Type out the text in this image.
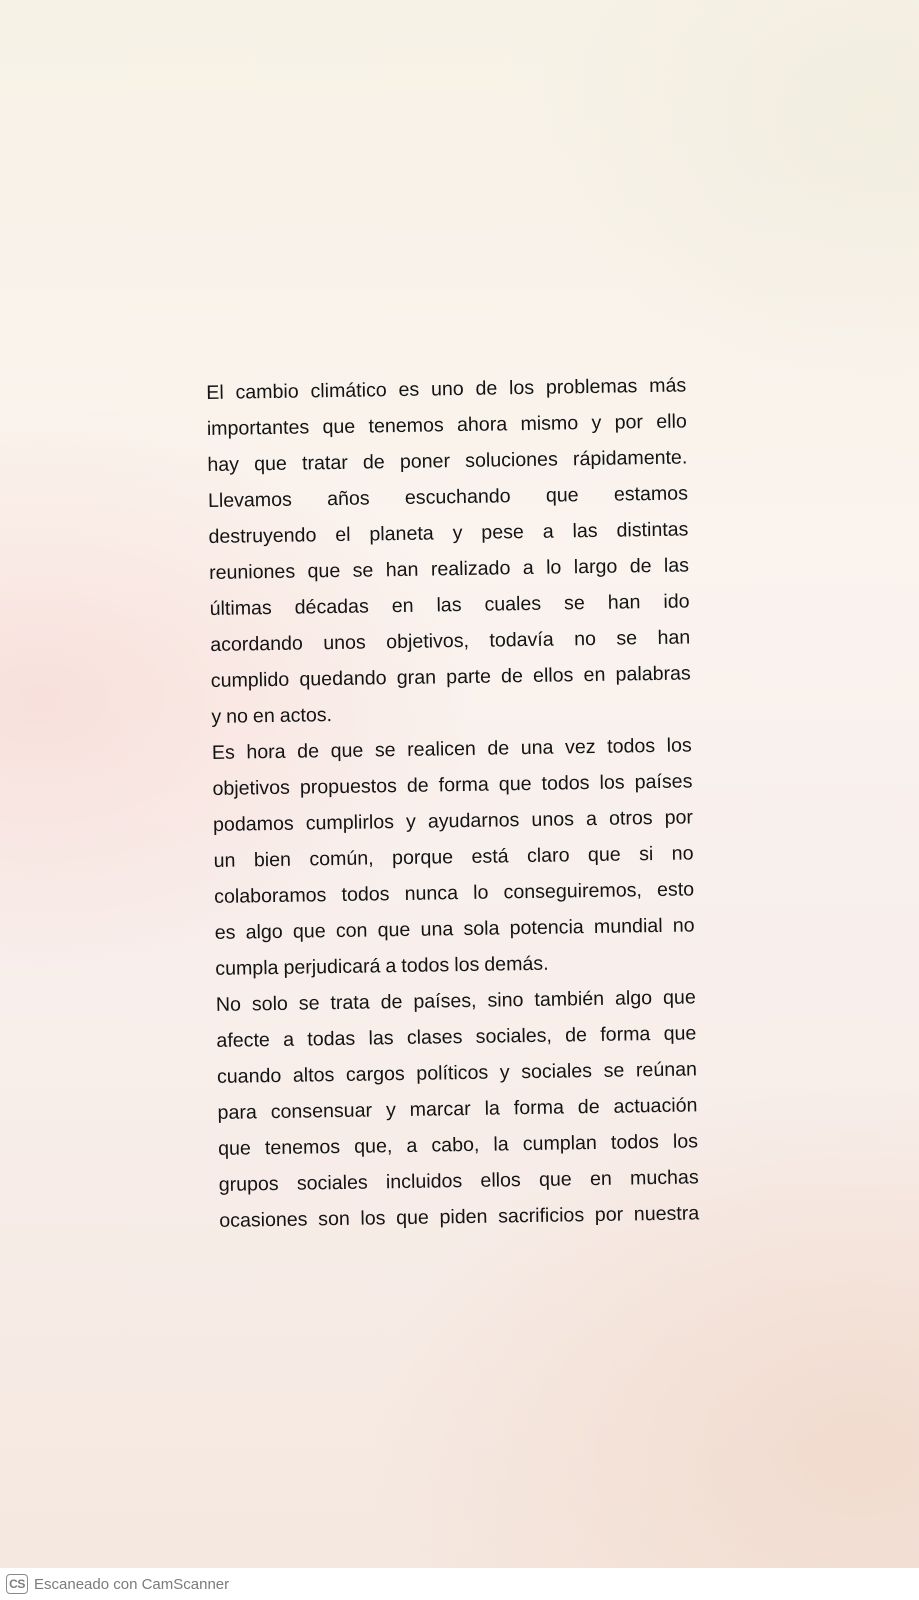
El cambio climático es uno de los problemas más
importantes que tenemos ahora mismo y por ello
hay que tratar de poner soluciones rápidamente.
Llevamos años escuchando que estamos
destruyendo el planeta y pese a las distintas
reuniones que se han realizado a lo largo de las
últimas décadas en las cuales se han ido
acordando unos objetivos, todavía no se han
cumplido quedando gran parte de ellos en palabras
y no en actos.
Es hora de que se realicen de una vez todos los
objetivos propuestos de forma que todos los países
podamos cumplirlos y ayudarnos unos a otros por
un bien común, porque está claro que si no
colaboramos todos nunca lo conseguiremos, esto
es algo que con que una sola potencia mundial no
cumpla perjudicará a todos los demás.
No solo se trata de países, sino también algo que
afecte a todas las clases sociales, de forma que
cuando altos cargos políticos y sociales se reúnan
para consensuar y marcar la forma de actuación
que tenemos que, a cabo, la cumplan todos los
grupos sociales incluidos ellos que en muchas
ocasiones son los que piden sacrificios por nuestra
CS Escaneado con CamScanner
